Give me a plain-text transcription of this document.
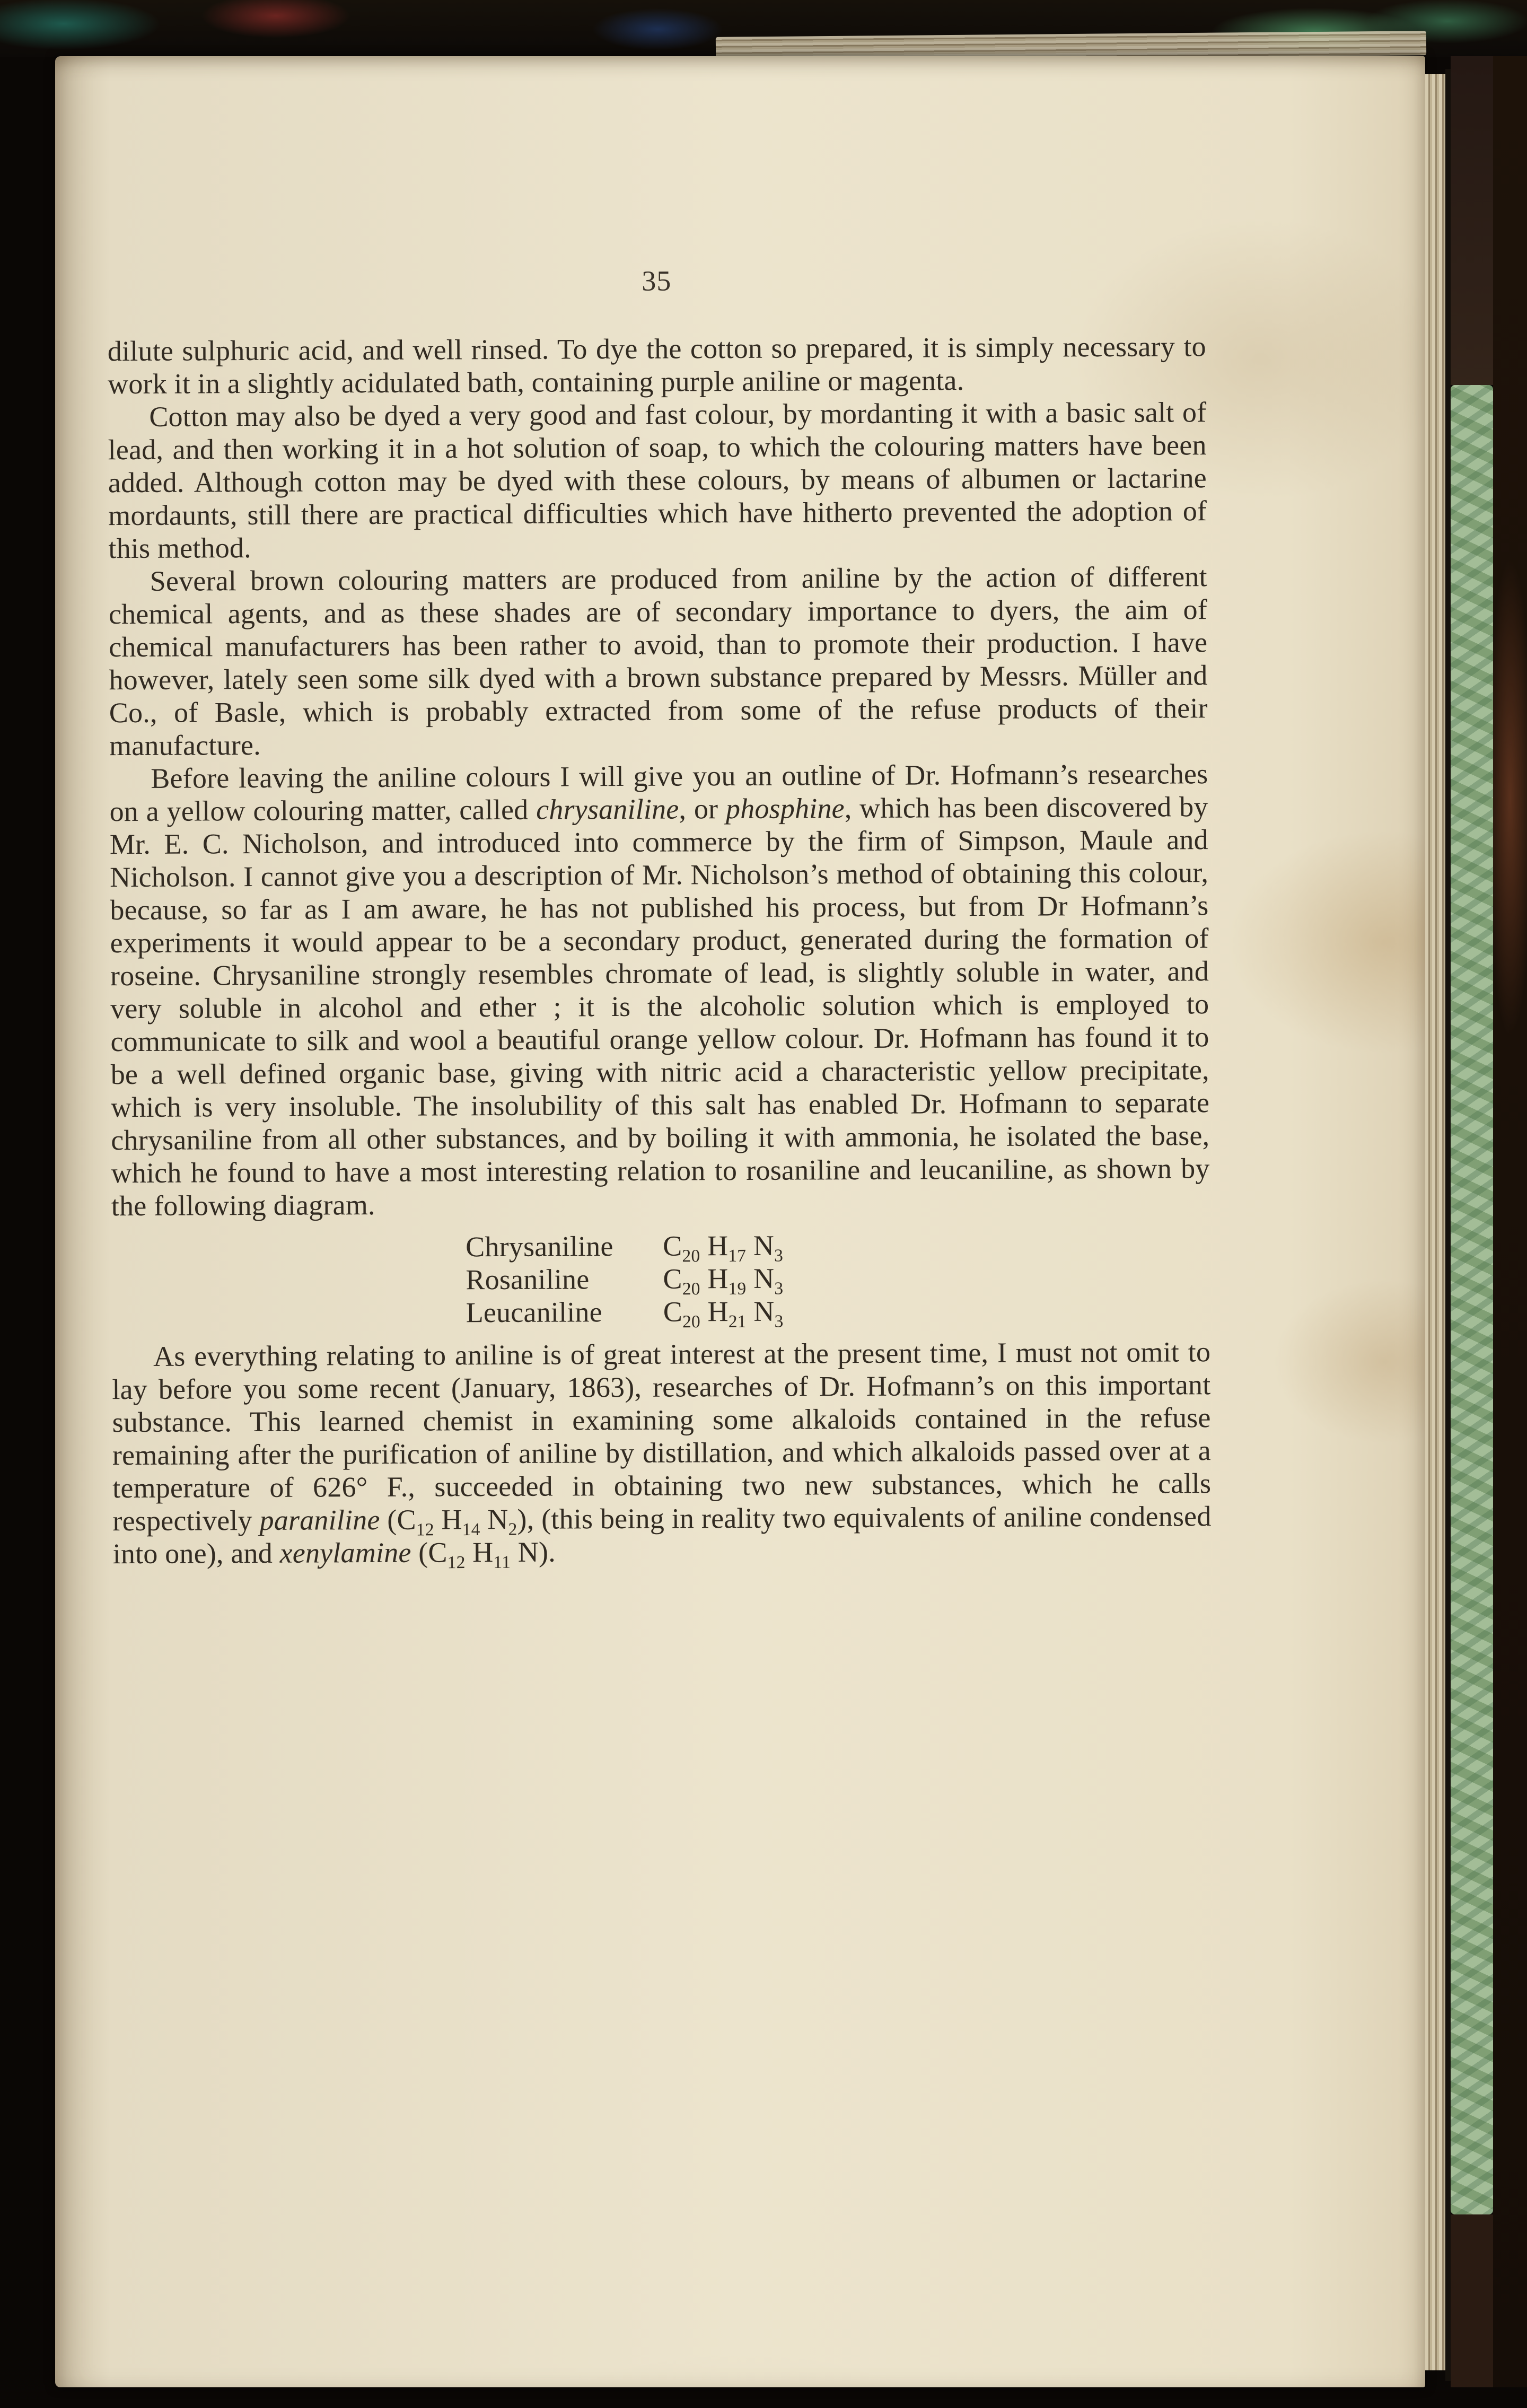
35

dilute sulphuric acid, and well rinsed. To dye the cotton so prepared, it is simply necessary to work it in a slightly acidulated bath, containing purple aniline or magenta.

Cotton may also be dyed a very good and fast colour, by mordanting it with a basic salt of lead, and then working it in a hot solution of soap, to which the colouring matters have been added. Although cotton may be dyed with these colours, by means of albumen or lactarine mordaunts, still there are practical difficulties which have hitherto prevented the adoption of this method.

Several brown colouring matters are produced from aniline by the action of different chemical agents, and as these shades are of secondary importance to dyers, the aim of chemical manufacturers has been rather to avoid, than to promote their production. I have however, lately seen some silk dyed with a brown substance prepared by Messrs. Müller and Co., of Basle, which is probably extracted from some of the refuse products of their manufacture.

Before leaving the aniline colours I will give you an outline of Dr. Hofmann’s researches on a yellow colouring matter, called chrysaniline, or phosphine, which has been discovered by Mr. E. C. Nicholson, and introduced into commerce by the firm of Simpson, Maule and Nicholson. I cannot give you a description of Mr. Nicholson’s method of obtaining this colour, because, so far as I am aware, he has not published his process, but from Dr Hofmann’s experiments it would appear to be a secondary product, generated during the formation of roseine. Chrysaniline strongly resembles chromate of lead, is slightly soluble in water, and very soluble in alcohol and ether ; it is the alcoholic solution which is employed to communicate to silk and wool a beautiful orange yellow colour. Dr. Hofmann has found it to be a well defined organic base, giving with nitric acid a characteristic yellow precipitate, which is very insoluble. The insolubility of this salt has enabled Dr. Hofmann to separate chrysaniline from all other substances, and by boiling it with ammonia, he isolated the base, which he found to have a most interesting relation to rosaniline and leucaniline, as shown by the following diagram.

Chrysaniline $C_{20}$ $H_{17}$ $N_3$
Rosaniline	$C_{20}$ $H_{19}$ $N_3$
Leucaniline $C_{20}$ $H_{21}$ $N_3$

As everything relating to aniline is of great interest at the present time, I must not omit to lay before you some recent (January, 1863), researches of Dr. Hofmann’s on this important substance. This learned chemist in examining some alkaloids contained in the refuse remaining after the purification of aniline by distillation, and which alkaloids passed over at a temperature of 626° F., succeeded in obtaining two new substances, which he calls respectively paraniline ($C_{12}$ $H_{14}$ $N_2$), (this being in reality two equivalents of aniline condensed into one), and xenylamine ($C_{12}$ $H_{11}$ N).
